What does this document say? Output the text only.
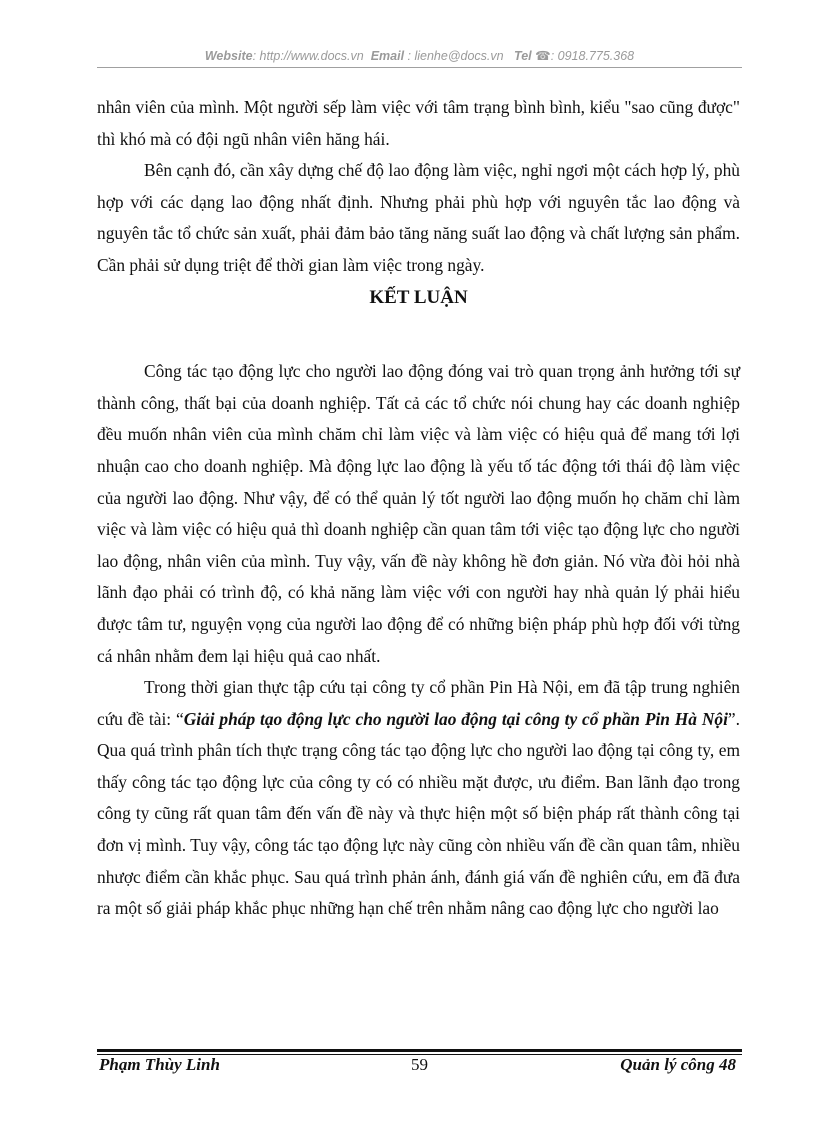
Website: http://www.docs.vn Email : lienhe@docs.vn Tel ☎: 0918.775.368

nhân viên của mình. Một người sếp làm việc với tâm trạng bình bình, kiểu "sao cũng được" thì khó mà có đội ngũ nhân viên hăng hái.

Bên cạnh đó, cần xây dựng chế độ lao động làm việc, nghỉ ngơi một cách hợp lý, phù hợp với các dạng lao động nhất định. Nhưng phải phù hợp với nguyên tắc lao động và nguyên tắc tổ chức sản xuất, phải đảm bảo tăng năng suất lao động và chất lượng sản phẩm. Cần phải sử dụng triệt để thời gian làm việc trong ngày.

KẾT LUẬN

Công tác tạo động lực cho người lao động đóng vai trò quan trọng ảnh hưởng tới sự thành công, thất bại của doanh nghiệp. Tất cả các tổ chức nói chung hay các doanh nghiệp đều muốn nhân viên của mình chăm chỉ làm việc và làm việc có hiệu quả để mang tới lợi nhuận cao cho doanh nghiệp. Mà động lực lao động là yếu tố tác động tới thái độ làm việc của người lao động. Như vậy, để có thể quản lý tốt người lao động muốn họ chăm chỉ làm việc và làm việc có hiệu quả thì doanh nghiệp cần quan tâm tới việc tạo động lực cho người lao động, nhân viên của mình. Tuy vậy, vấn đề này không hề đơn giản. Nó vừa đòi hỏi nhà lãnh đạo phải có trình độ, có khả năng làm việc với con người hay nhà quản lý phải hiểu được tâm tư, nguyện vọng của người lao động để có những biện pháp phù hợp đối với từng cá nhân nhằm đem lại hiệu quả cao nhất.

Trong thời gian thực tập cứu tại công ty cổ phần Pin Hà Nội, em đã tập trung nghiên cứu đề tài: “Giải pháp tạo động lực cho người lao động tại công ty cổ phần Pin Hà Nội”. Qua quá trình phân tích thực trạng công tác tạo động lực cho người lao động tại công ty, em thấy công tác tạo động lực của công ty có có nhiều mặt được, ưu điểm. Ban lãnh đạo trong công ty cũng rất quan tâm đến vấn đề này và thực hiện một số biện pháp rất thành công tại đơn vị mình. Tuy vậy, công tác tạo động lực này cũng còn nhiều vấn đề cần quan tâm, nhiều nhược điểm cần khắc phục. Sau quá trình phản ánh, đánh giá vấn đề nghiên cứu, em đã đưa ra một số giải pháp khắc phục những hạn chế trên nhằm nâng cao động lực cho người lao

Phạm Thùy Linh	59	Quản lý công 48
